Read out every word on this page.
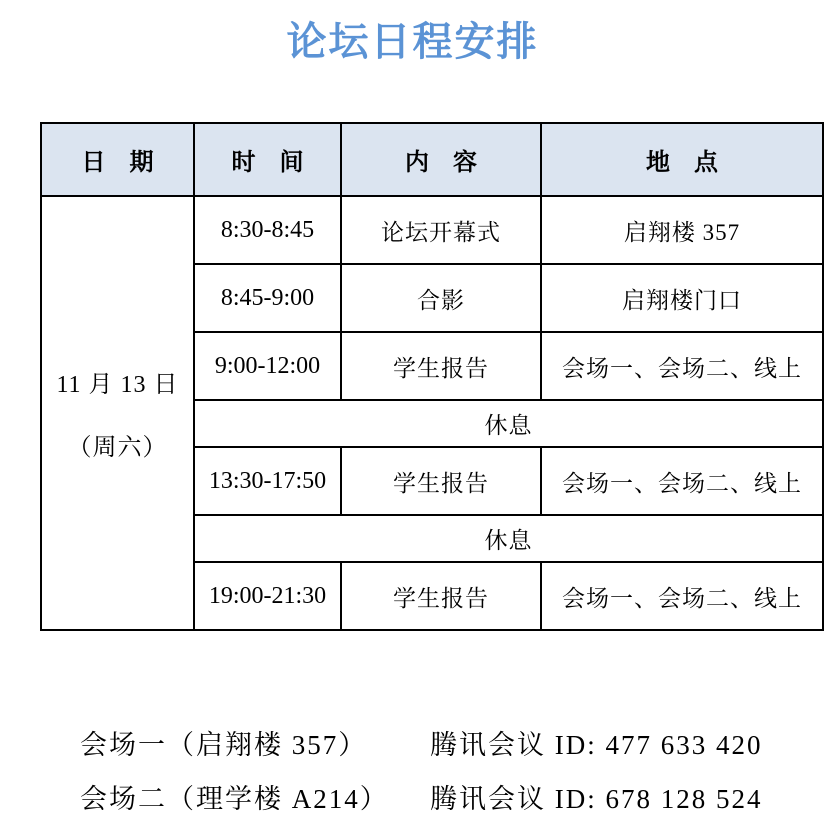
论坛日程安排
日　期	时　间	内　容	地　点

11 月 13 日
（周六）	8:30-8:45	论坛开幕式	启翔楼 357
	8:45-9:00	合影	启翔楼门口
	9:00-12:00	学生报告	会场一、会场二、线上
	休息		
	13:30-17:50	学生报告	会场一、会场二、线上
	休息		
	19:00-21:30	学生报告	会场一、会场二、线上
会场一（启翔楼 357）	腾讯会议 ID: 477 633 420
会场二（理学楼 A214）	腾讯会议 ID: 678 128 524
